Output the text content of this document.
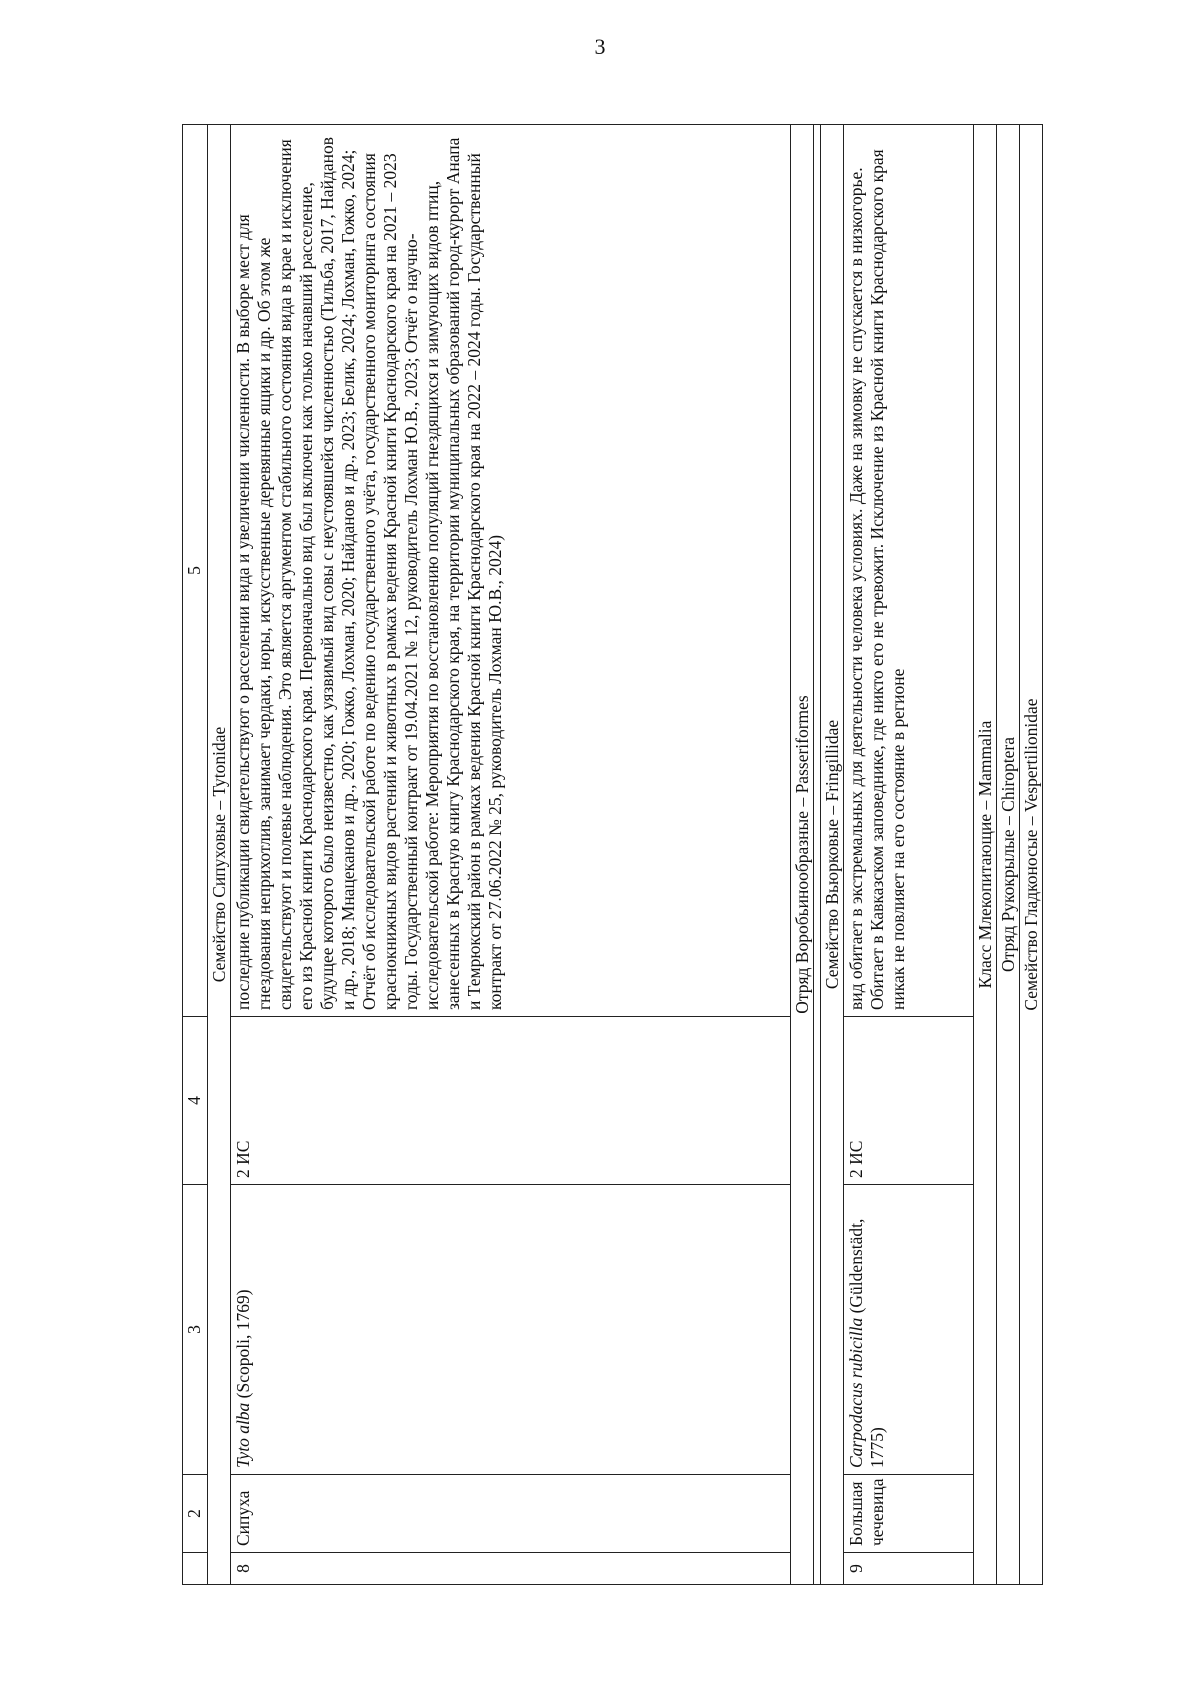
3
	2	3	4	5
Семейство Сипуховые – Tytonidae				
8	Сипуха	Tyto alba (Scopoli, 1769)	2 ИС	последние публикации свидетельствуют о расселении вида и увеличении численности. В выборе мест для гнездования неприхотлив, занимает чердаки, норы, искусственные деревянные ящики и др. Об этом же свидетельствуют и полевые наблюдения. Это является аргументом стабильного состояния вида в крае и исключения его из Красной книги Краснодарского края. Первоначально вид был включен как только начавший расселение, будущее которого было неизвестно, как уязвимый вид совы с неустоявшейся численностью (Тильба, 2017, Найданов и др., 2018; Мнацеканов и др., 2020; Гожко, Лохман, 2020; Найданов и др., 2023; Белик, 2024; Лохман, Гожко, 2024; Отчёт об исследовательской работе по ведению государственного учёта, государственного мониторинга состояния краснокнижных видов растений и животных в рамках ведения Красной книги Краснодарского края на 2021 – 2023 годы. Государственный контракт от 19.04.2021 № 12, руководитель Лохман Ю.В., 2023; Отчёт о научно-исследовательской работе: Мероприятия по восстановлению популяций гнездящихся и зимующих видов птиц, занесенных в Красную книгу Краснодарского края, на территории муниципальных образований город-курорт Анапа и Темрюкский район в рамках ведения Красной книги Краснодарского края на 2022 – 2024 годы. Государственный контракт от 27.06.2022 № 25, руководитель Лохман Ю.В., 2024)
Отряд Воробьинообразные – Passeriformes				

Семейство Вьюрковые – Fringillidae				
9	Большая чечевица	Carpodacus rubicilla (Güldenstädt, 1775)	2 ИС	вид обитает в экстремальных для деятельности человека условиях. Даже на зимовку не спускается в низкогорье. Обитает в Кавказском заповеднике, где никто его не тревожит. Исключение из Красной книги Краснодарского края никак не повлияет на его состояние в регионе
Класс Млекопитающие – Mammalia				
Отряд Рукокрылые – Chiroptera				
Семейство Гладконосые – Vespertilionidae				
